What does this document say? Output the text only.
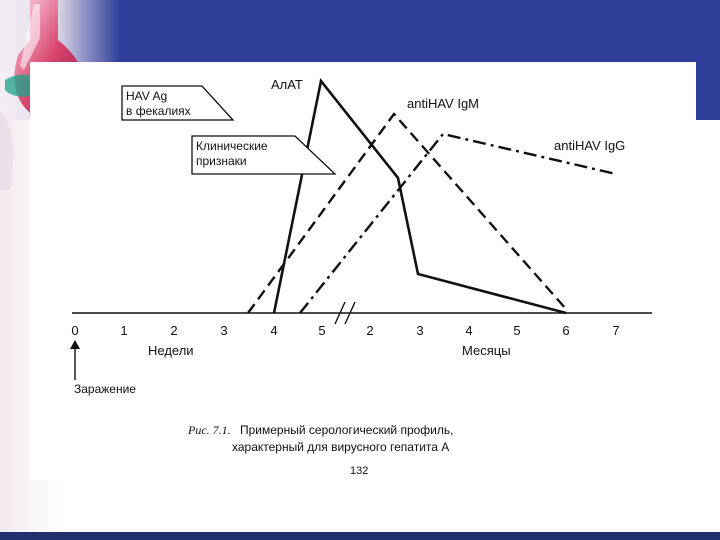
0	1	2	3	4	5	2	3	4	5	6	7
Недели	Месяцы
Заражение
АлАТ
antiHAV IgM
antiHAV IgG
HAV Ag
в фекалиях
Клинические
признаки
Рис. 7.1. Примерный серологический профиль,
характерный для вирусного гепатита А
132
